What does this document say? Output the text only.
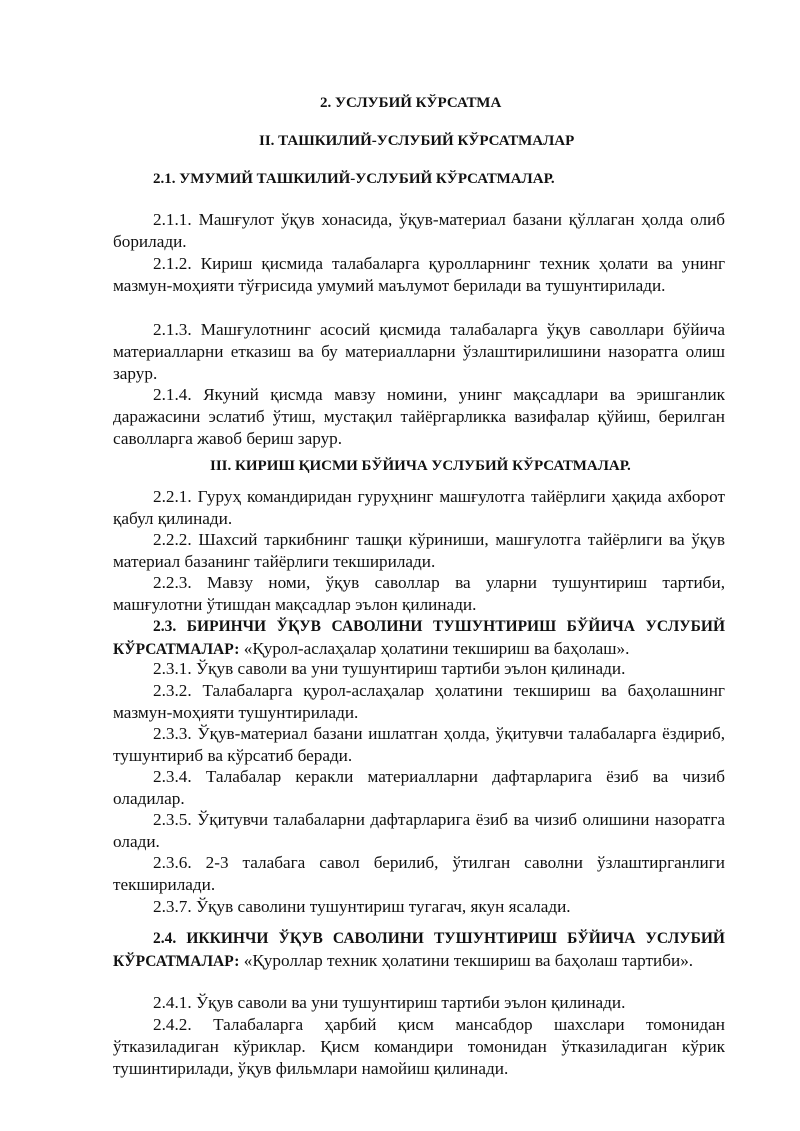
2. УСЛУБИЙ КЎРСАТМА
II. ТАШКИЛИЙ-УСЛУБИЙ КЎРСАТМАЛАР
2.1. УМУМИЙ ТАШКИЛИЙ-УСЛУБИЙ КЎРСАТМАЛАР.

2.1.1. Машғулот ўқув хонасида, ўқув-материал базани қўллаган ҳолда олиб борилади.

2.1.2. Кириш қисмида талабаларга қуролларнинг техник ҳолати ва унинг мазмун-моҳияти тўғрисида умумий маълумот берилади ва тушунтирилади.

2.1.3. Машғулотнинг асосий қисмида талабаларга ўқув саволлари бўйича материалларни етказиш ва бу материалларни ўзлаштирилишини назоратга олиш зарур.

2.1.4. Якуний қисмда мавзу номини, унинг мақсадлари ва эришганлик даражасини эслатиб ўтиш, мустақил тайёргарликка вазифалар қўйиш, берилган саволларга жавоб бериш зарур.

III. КИРИШ ҚИСМИ БЎЙИЧА УСЛУБИЙ КЎРСАТМАЛАР.

2.2.1. Гуруҳ командиридан гуруҳнинг машғулотга тайёрлиги ҳақида ахборот қабул қилинади.

2.2.2. Шахсий таркибнинг ташқи кўриниши, машғулотга тайёрлиги ва ўқув материал базанинг тайёрлиги текширилади.

2.2.3. Мавзу номи, ўқув саволлар ва уларни тушунтириш тартиби, машғулотни ўтишдан мақсадлар эълон қилинади.

2.3. БИРИНЧИ ЎҚУВ САВОЛИНИ ТУШУНТИРИШ БЎЙИЧА УСЛУБИЙ КЎРСАТМАЛАР: «Қурол-аслаҳалар ҳолатини текшириш ва баҳолаш».

2.3.1. Ўқув саволи ва уни тушунтириш тартиби эълон қилинади.

2.3.2. Талабаларга қурол-аслаҳалар ҳолатини текшириш ва баҳолашнинг мазмун-моҳияти тушунтирилади.

2.3.3. Ўқув-материал базани ишлатган ҳолда, ўқитувчи талабаларга ёздириб, тушунтириб ва кўрсатиб беради.

2.3.4. Талабалар керакли материалларни дафтарларига ёзиб ва чизиб оладилар.

2.3.5. Ўқитувчи талабаларни дафтарларига ёзиб ва чизиб олишини назоратга олади.

2.3.6. 2-3 талабага савол берилиб, ўтилган саволни ўзлаштирганлиги текширилади.

2.3.7. Ўқув саволини тушунтириш тугагач, якун ясалади.

2.4. ИККИНЧИ ЎҚУВ САВОЛИНИ ТУШУНТИРИШ БЎЙИЧА УСЛУБИЙ КЎРСАТМАЛАР: «Қуроллар техник ҳолатини текшириш ва баҳолаш тартиби».

2.4.1. Ўқув саволи ва уни тушунтириш тартиби эълон қилинади.

2.4.2. Талабаларга ҳарбий қисм мансабдор шахслари томонидан ўтказиладиган кўриклар. Қисм командири томонидан ўтказиладиган кўрик тушинтирилади, ўқув фильмлари намойиш қилинади.
